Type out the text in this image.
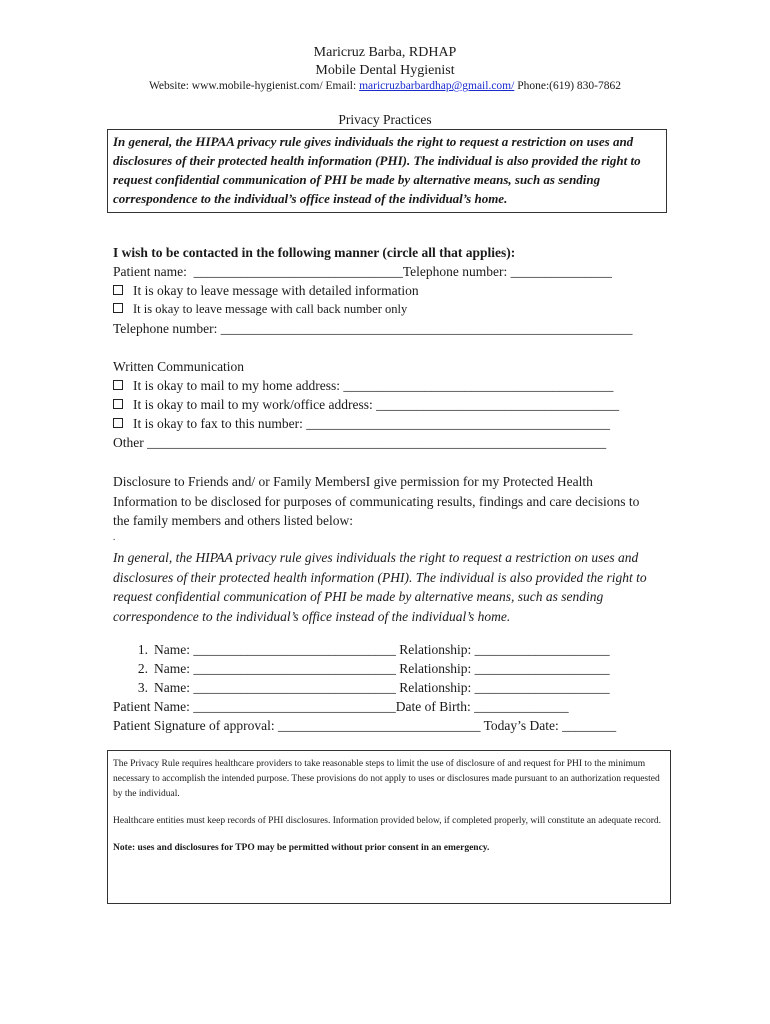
Maricruz Barba, RDHAP
Mobile Dental Hygienist
Website: www.mobile-hygienist.com/ Email: maricruzbarbardhap@gmail.com/ Phone:(619) 830-7862
Privacy Practices
In general, the HIPAA privacy rule gives individuals the right to request a restriction on uses and disclosures of their protected health information (PHI). The individual is also provided the right to request confidential communication of PHI be made by alternative means, such as sending correspondence to the individual’s office instead of the individual’s home.
I wish to be contacted in the following manner (circle all that applies):
Patient name:  _______________________________Telephone number: _______________
It is okay to leave message with detailed information
It is okay to leave message with call back number only
Telephone number: _____________________________________________________________
Written Communication
It is okay to mail to my home address: ________________________________________
It is okay to mail to my work/office address: ____________________________________
It is okay to fax to this number: _____________________________________________
Other ____________________________________________________________________
Disclosure to Friends and/ or Family MembersI give permission for my Protected Health Information to be disclosed for purposes of communicating results, findings and care decisions to the family members and others listed below:
.
In general, the HIPAA privacy rule gives individuals the right to request a restriction on uses and disclosures of their protected health information (PHI). The individual is also provided the right to request confidential communication of PHI be made by alternative means, such as sending correspondence to the individual’s office instead of the individual’s home.
1. Name: ______________________________ Relationship: ____________________
2. Name: ______________________________ Relationship: ____________________
3. Name: ______________________________ Relationship: ____________________
Patient Name: ______________________________Date of Birth: ______________
Patient Signature of approval: ______________________________ Today’s Date: ________

The Privacy Rule requires healthcare providers to take reasonable steps to limit the use of disclosure of and request for PHI to the minimum necessary to accomplish the intended purpose. These provisions do not apply to uses or disclosures made pursuant to an authorization requested by the individual.

Healthcare entities must keep records of PHI disclosures. Information provided below, if completed properly, will constitute an adequate record.

Note: uses and disclosures for TPO may be permitted without prior consent in an emergency.
